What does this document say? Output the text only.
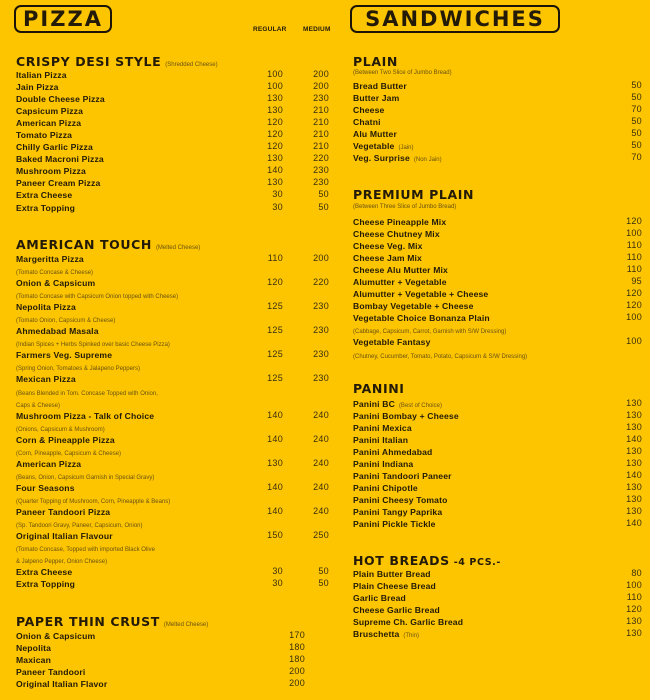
PIZZA	REGULAR	MEDIUM	SANDWICHES
CRISPY DESI STYLE (Shredded Cheese)
Italian Pizza	100	200
Jain Pizza	100	200
Double Cheese Pizza	130	230
Capsicum Pizza	130	210
American Pizza	120	210
Tomato Pizza	120	210
Chilly Garlic Pizza	120	210
Baked Macroni Pizza	130	220
Mushroom Pizza	140	230
Paneer Cream Pizza	130	230
Extra Cheese	30	50
Extra Topping	30	50
AMERICAN TOUCH (Melted Cheese)
Margeritta Pizza	110	200
(Tomato Concase & Cheese)
Onion & Capsicum	120	220
(Tomato Concase with Capsicum Onion topped with Cheese)
Nepolita Pizza	125	230
(Tomato Onion, Capsicum & Cheese)
Ahmedabad Masala	125	230
(Indian Spices + Herbs Spinked over basic Cheese Pizza)
Farmers Veg. Supreme	125	230
(Spring Onion, Tomatoes & Jalapeno Peppers)
Mexican Pizza	125	230
(Beans Blended in Tom. Concase Topped with Onion,
Caps & Cheese)
Mushroom Pizza - Talk of Choice	140	240
(Onions, Capsicum & Mushroom)
Corn & Pineapple Pizza	140	240
(Corn, Pineapple, Capsicum & Cheese)
American Pizza	130	240
(Beans, Onion, Capsicum Garnish in Special Gravy)
Four Seasons	140	240
(Quarter Topping of Mushroom, Corn, Pineapple & Beans)
Paneer Tandoori Pizza	140	240
(Sp. Tandoori Gravy, Paneer, Capsicum, Onion)
Original Italian Flavour	150	250
(Tomato Concase, Topped with imported Black Olive
& Jalpeno Pepper, Onion Cheese)
Extra Cheese	30	50
Extra Topping	30	50
PAPER THIN CRUST (Melted Cheese)
Onion & Capsicum	170
Nepolita	180
Maxican	180
Paneer Tandoori	200
Original Italian Flavor	200
PLAIN
(Between Two Slice of Jumbo Bread)
Bread Butter	50
Butter Jam	50
Cheese	70
Chatni	50
Alu Mutter	50
Vegetable (Jain)	50
Veg. Surprise (Non Jain)	70
PREMIUM PLAIN
(Between Three Slice of Jumbo Bread)
Cheese Pineapple Mix	120
Cheese Chutney Mix	100
Cheese Veg. Mix	110
Cheese Jam Mix	110
Cheese Alu Mutter Mix	110
Alumutter + Vegetable	95
Alumutter + Vegetable + Cheese	120
Bombay Vegetable + Cheese	120
Vegetable Choice Bonanza Plain	100
(Cabbage, Capsicum, Carrot, Garnish with S/W Dressing)
Vegetable Fantasy	100
(Chutney, Cucumber, Tomato, Potato, Capsicum & S/W Dressing)
PANINI
Panini BC (Best of Choice)	130
Panini Bombay + Cheese	130
Panini Mexica	130
Panini Italian	140
Panini Ahmedabad	130
Panini Indiana	130
Panini Tandoori Paneer	140
Panini Chipotle	130
Panini Cheesy Tomato	130
Panini Tangy Paprika	130
Panini Pickle Tickle	140
HOT BREADS -4 PCS.-
Plain Butter Bread	80
Plain Cheese Bread	100
Garlic Bread	110
Cheese Garlic Bread	120
Supreme Ch. Garlic Bread	130
Bruschetta (Thin)	130
